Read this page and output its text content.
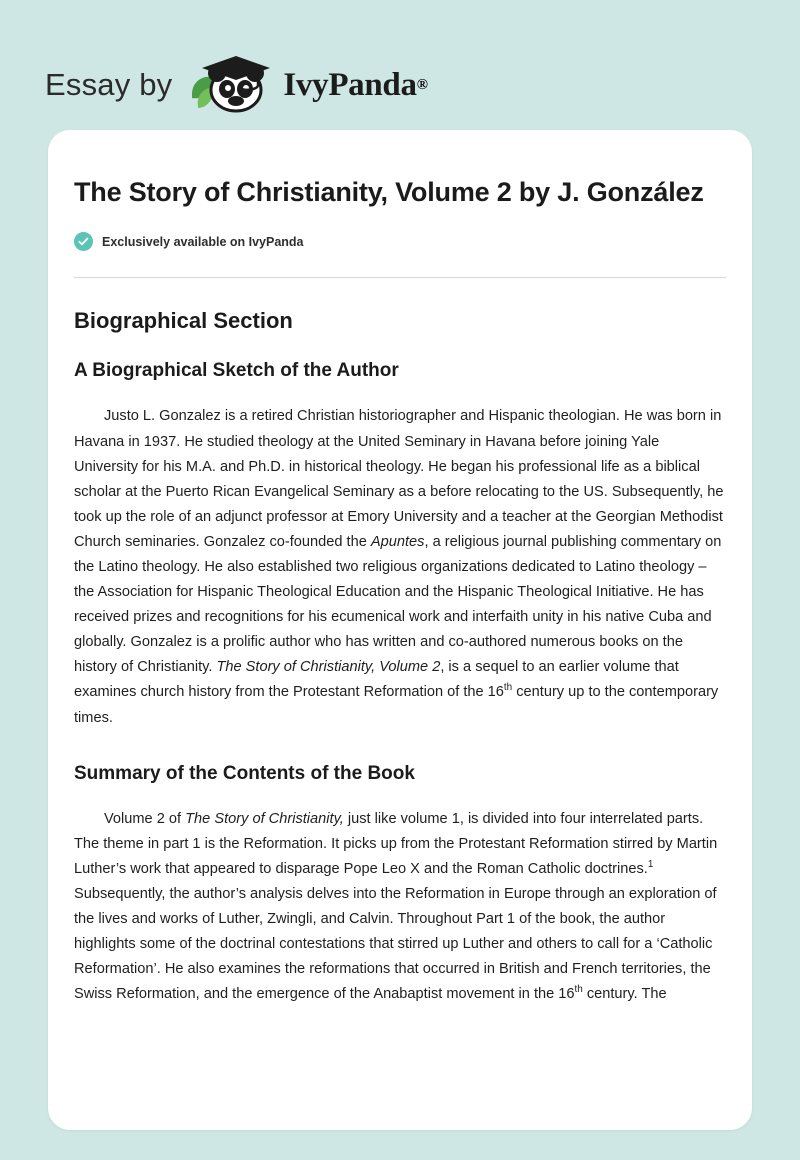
Essay by	IvyPanda ®
The Story of Christianity, Volume 2 by J. González
Exclusively available on IvyPanda
Biographical Section
A Biographical Sketch of the Author

Justo L. Gonzalez is a retired Christian historiographer and Hispanic theologian. He was born in Havana in 1937. He studied theology at the United Seminary in Havana before joining Yale University for his M.A. and Ph.D. in historical theology. He began his professional life as a biblical scholar at the Puerto Rican Evangelical Seminary as a before relocating to the US. Subsequently, he took up the role of an adjunct professor at Emory University and a teacher at the Georgian Methodist Church seminaries. Gonzalez co-founded the Apuntes, a religious journal publishing commentary on the Latino theology. He also established two religious organizations dedicated to Latino theology – the Association for Hispanic Theological Education and the Hispanic Theological Initiative. He has received prizes and recognitions for his ecumenical work and interfaith unity in his native Cuba and globally. Gonzalez is a prolific author who has written and co-authored numerous books on the history of Christianity. The Story of Christianity, Volume 2, is a sequel to an earlier volume that examines church history from the Protestant Reformation of the 16th century up to the contemporary times.

Summary of the Contents of the Book

Volume 2 of The Story of Christianity, just like volume 1, is divided into four interrelated parts. The theme in part 1 is the Reformation. It picks up from the Protestant Reformation stirred by Martin Luther’s work that appeared to disparage Pope Leo X and the Roman Catholic doctrines.$^1$ Subsequently, the author’s analysis delves into the Reformation in Europe through an exploration of the lives and works of Luther, Zwingli, and Calvin. Throughout Part 1 of the book, the author highlights some of the doctrinal contestations that stirred up Luther and others to call for a ‘Catholic Reformation’. He also examines the reformations that occurred in British and French territories, the Swiss Reformation, and the emergence of the Anabaptist movement in the 16th century. The
